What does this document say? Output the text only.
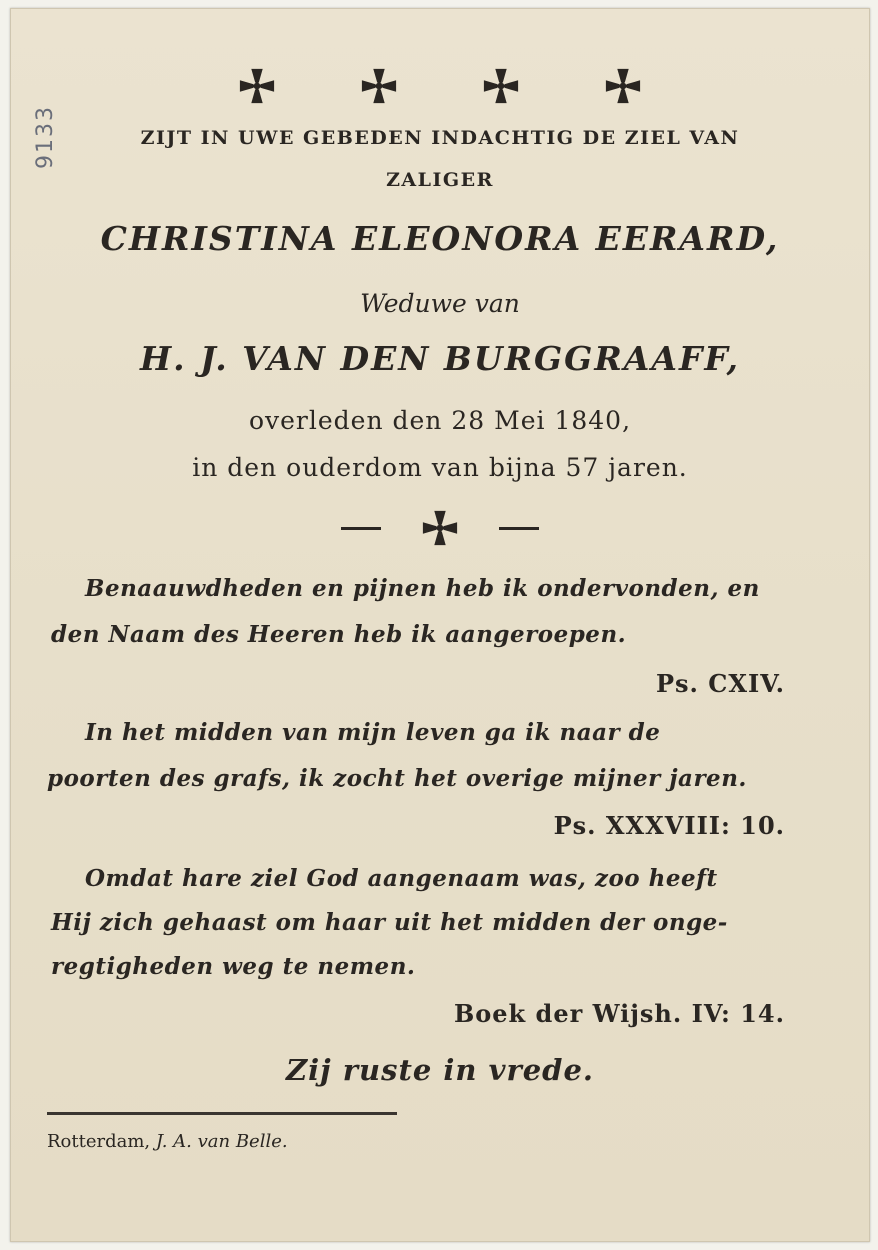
9133	ZIJT IN UWE GEBEDEN INDACHTIG DE ZIEL VAN
ZALIGER
CHRISTINA ELEONORA EERARD,
Weduwe van
H. J. VAN DEN BURGGRAAFF,
overleden den 28 Mei 1840,
in den ouderdom van bijna 57 jaren.
Benaauwdheden en pijnen heb ik ondervonden, en
den Naam des Heeren heb ik aangeroepen.
Ps. CXIV.
In het midden van mijn leven ga ik naar de
poorten des grafs, ik zocht het overige mijner jaren.
Ps. XXXVIII: 10.
Omdat hare ziel God aangenaam was, zoo heeft
Hij zich gehaast om haar uit het midden der onge-
regtigheden weg te nemen.
Boek der Wijsh. IV: 14.
Zij ruste in vrede.
Rotterdam, J. A. van Belle.
